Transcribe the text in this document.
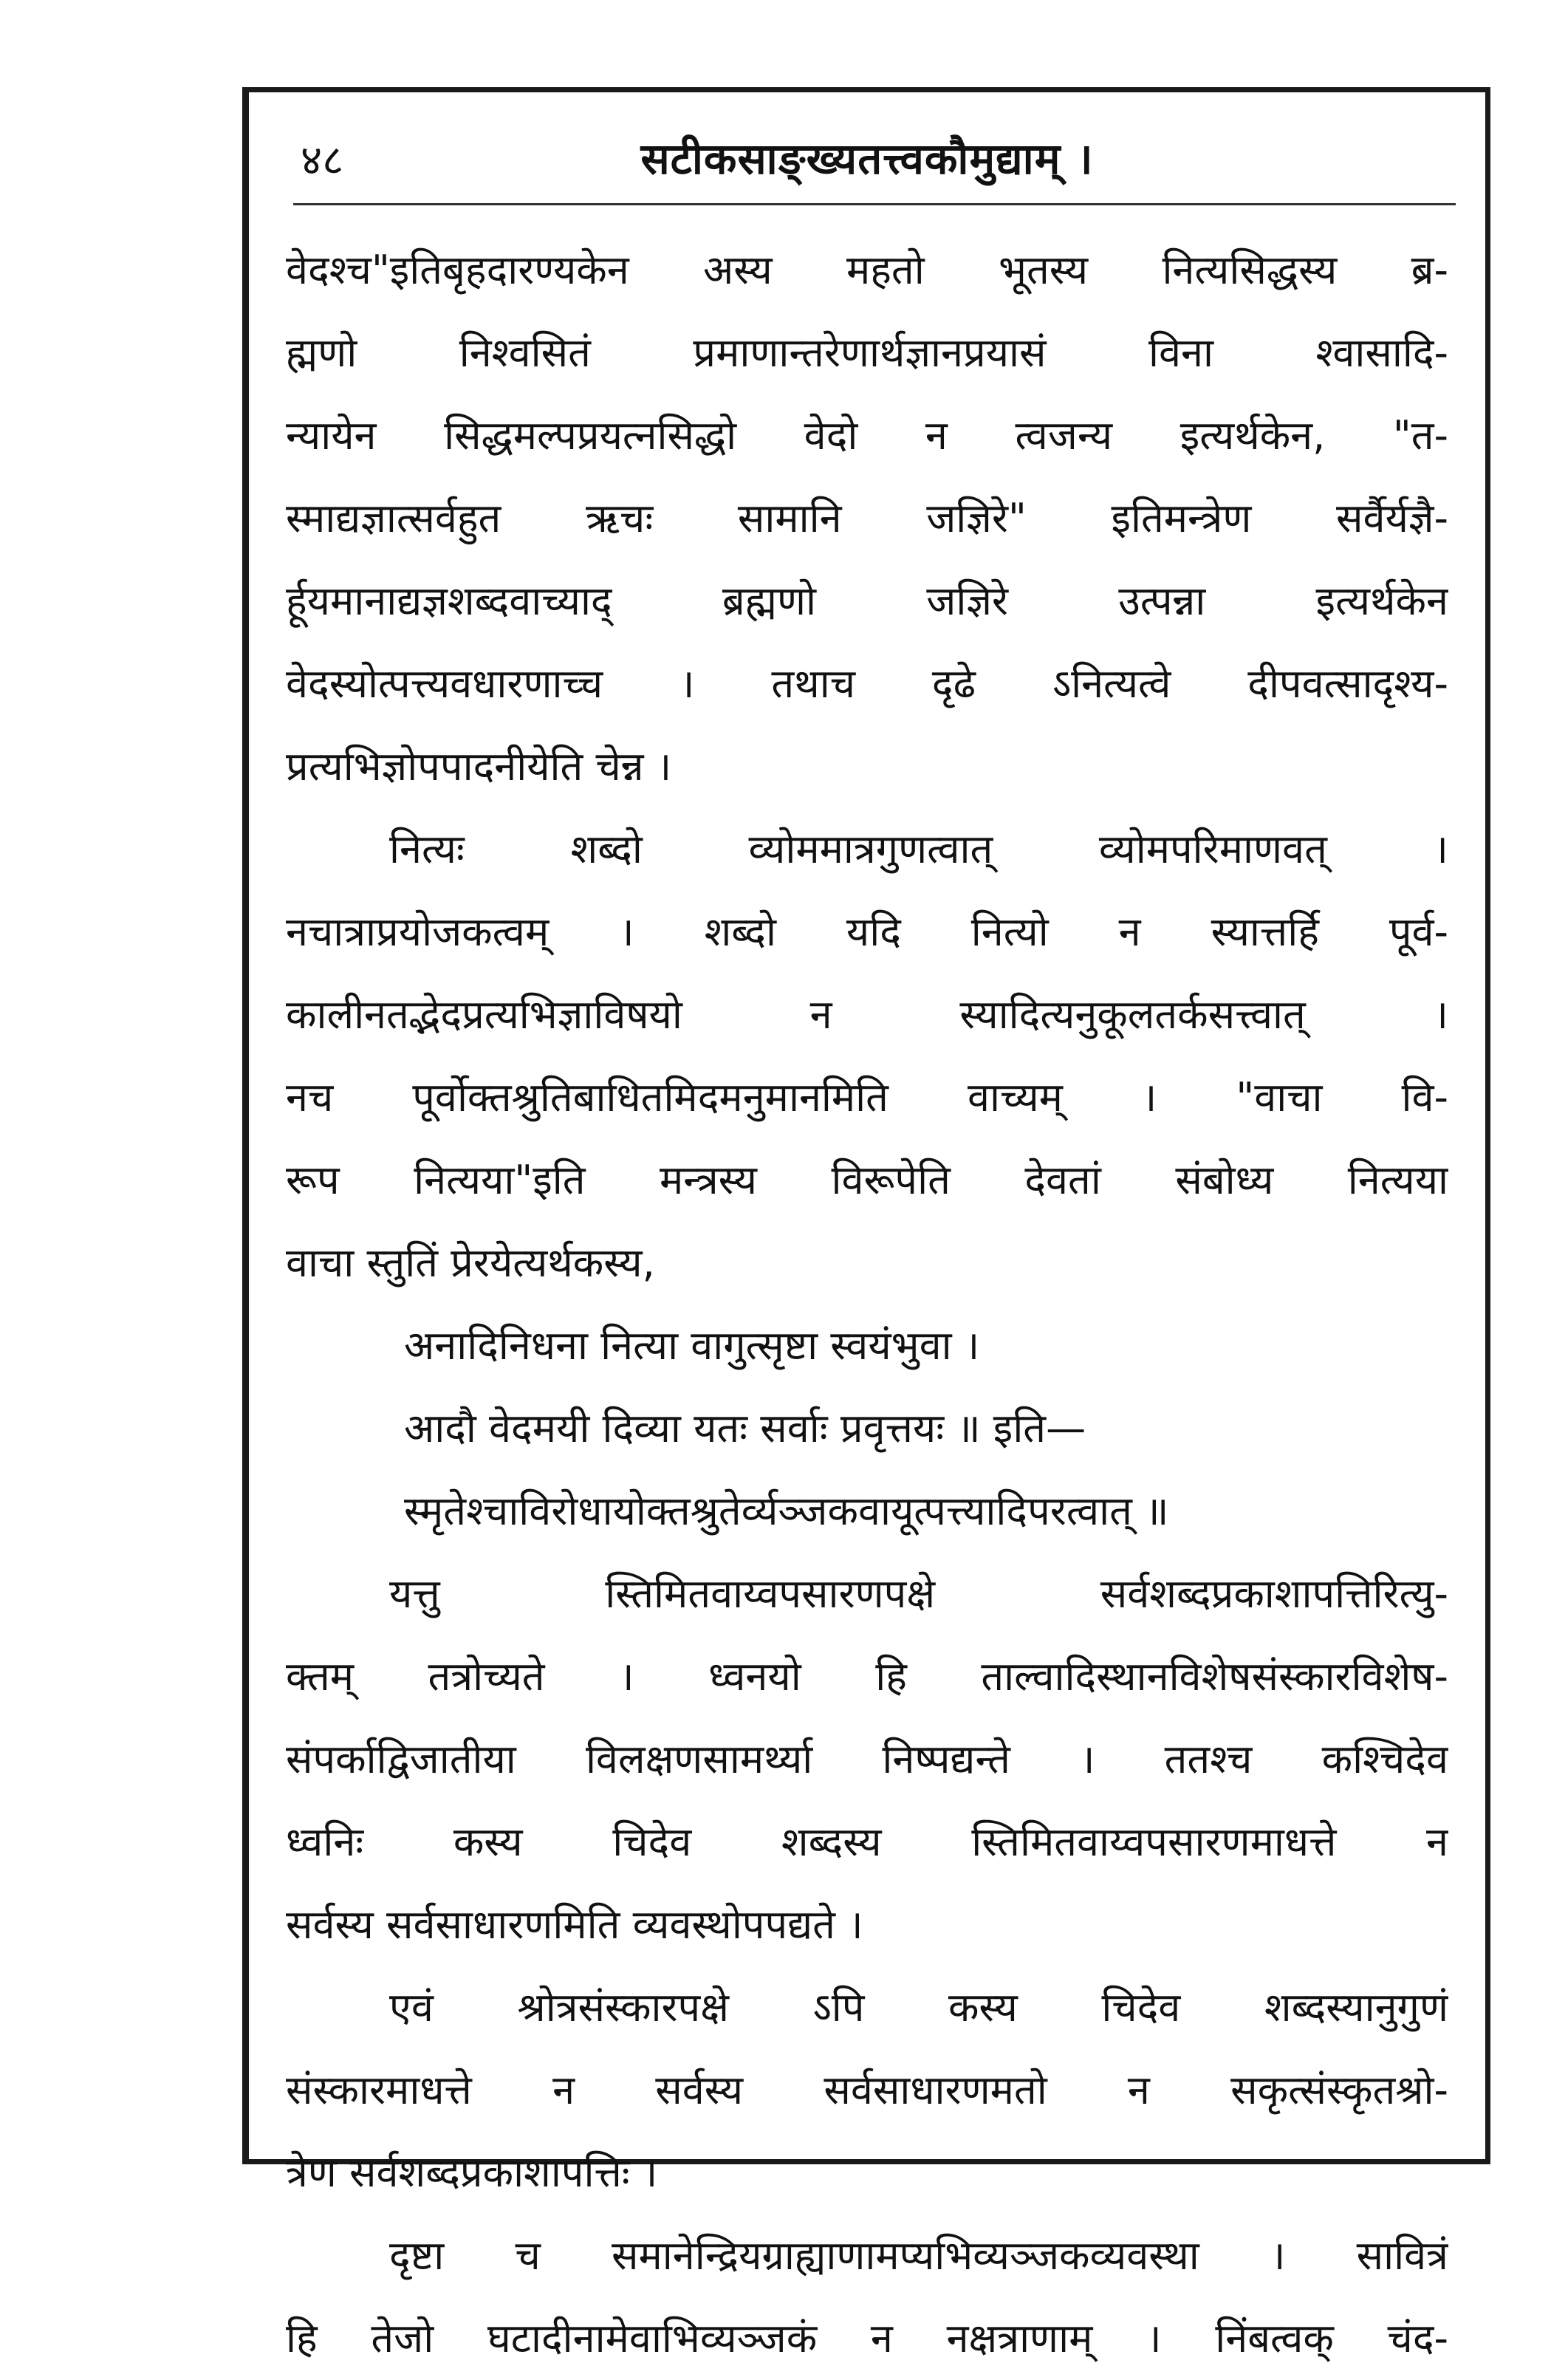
४८	सटीकसाङ्ख्यतत्त्वकौमुद्याम् ।
वेदश्च"इतिबृहदारण्यकेन अस्य महतो भूतस्य नित्यसिद्धस्य ब्र-
ह्मणो निश्वसितं प्रमाणान्तरेणार्थज्ञानप्रयासं विना श्वासादि-
न्यायेन सिद्धमल्पप्रयत्नसिद्धो वेदो न त्वजन्य इत्यर्थकेन, "त-
स्माद्यज्ञात्सर्वहुत ऋचः सामानि जज्ञिरे" इतिमन्त्रेण सर्वैर्यज्ञै-
र्हूयमानाद्यज्ञशब्दवाच्याद् ब्रह्मणो जज्ञिरे उत्पन्ना इत्यर्थकेन
वेदस्योत्पत्त्यवधारणाच्च । तथाच दृढे ऽनित्यत्वे दीपवत्सादृश्य-
प्रत्यभिज्ञोपपादनीयेति चेन्न ।
नित्यः शब्दो व्योममात्रगुणत्वात् व्योमपरिमाणवत् ।
नचात्राप्रयोजकत्वम् । शब्दो यदि नित्यो न स्यात्तर्हि पूर्व-
कालीनतद्भेदप्रत्यभिज्ञाविषयो न स्यादित्यनुकूलतर्कसत्त्वात् ।
नच पूर्वोक्तश्रुतिबाधितमिदमनुमानमिति वाच्यम् । "वाचा वि-
रूप नित्यया"इति मन्त्रस्य विरूपेति देवतां संबोध्य नित्यया
वाचा स्तुतिं प्रेरयेत्यर्थकस्य,
अनादिनिधना नित्या वागुत्सृष्टा स्वयंभुवा ।
आदौ वेदमयी दिव्या यतः सर्वाः प्रवृत्तयः ॥ इति—
स्मृतेश्चाविरोधायोक्तश्रुतेर्व्यञ्जकवायूत्पत्त्यादिपरत्वात् ॥
यत्तु स्तिमितवाय्वपसारणपक्षे सर्वशब्दप्रकाशापत्तिरित्यु-
क्तम् तत्रोच्यते । ध्वनयो हि ताल्वादिस्थानविशेषसंस्कारविशेष-
संपर्काद्विजातीया विलक्षणसामर्थ्या निष्पद्यन्ते । ततश्च कश्चिदेव
ध्वनिः कस्य चिदेव शब्दस्य स्तिमितवाय्वपसारणमाधत्ते न
सर्वस्य सर्वसाधारणमिति व्यवस्थोपपद्यते ।
एवं श्रोत्रसंस्कारपक्षे ऽपि कस्य चिदेव शब्दस्यानुगुणं
संस्कारमाधत्ते न सर्वस्य सर्वसाधारणमतो न सकृत्संस्कृतश्रो-
त्रेण सर्वशब्दप्रकाशापत्तिः ।
दृष्टा च समानेन्द्रियग्राह्याणामप्यभिव्यञ्जकव्यवस्था । सावित्रं
हि तेजो घटादीनामेवाभिव्यञ्जकं न नक्षत्राणाम् । निंबत्वक् चंद-
